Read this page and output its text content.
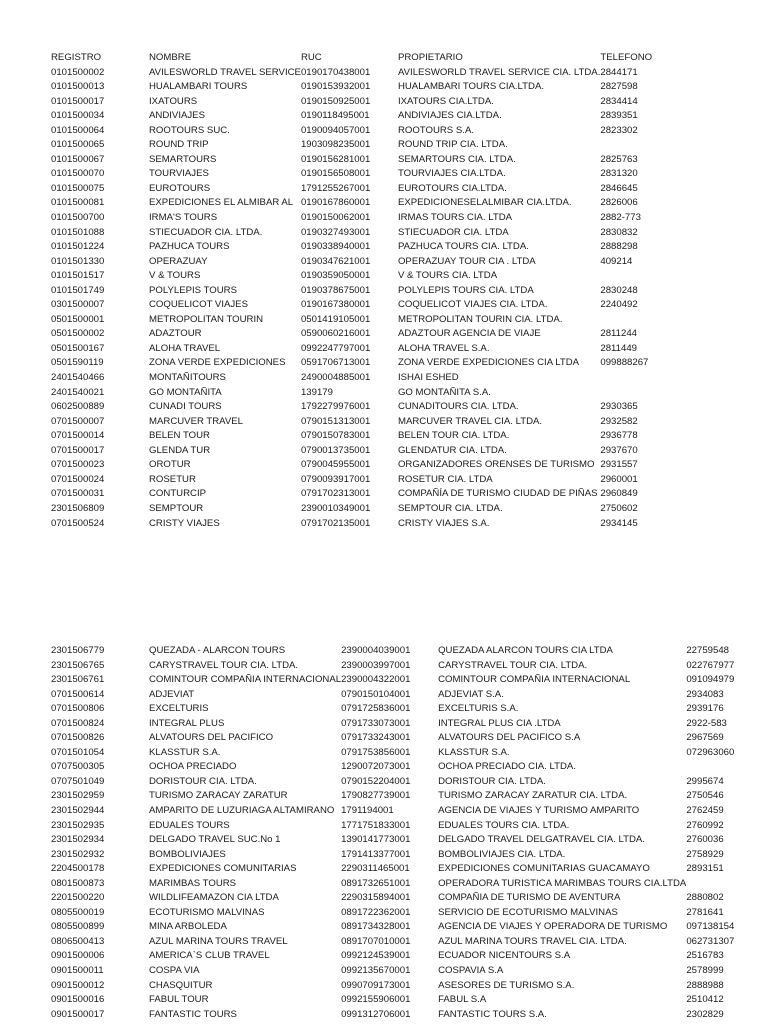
REGISTRO	NOMBRE	RUC	PROPIETARIO	TELEFONO
0101500002	AVILESWORLD TRAVEL SERVICE	0190170438001	AVILESWORLD TRAVEL SERVICE CIA. LTDA.	2844171
0101500013	HUALAMBARI TOURS	0190153932001	HUALAMBARI TOURS CIA.LTDA.	2827598
0101500017	IXATOURS	0190150925001	IXATOURS CIA.LTDA.	2834414
0101500034	ANDIVIAJES	0190118495001	ANDIVIAJES CIA.LTDA.	2839351
0101500064	ROOTOURS SUC.	0190094057001	ROOTOURS S.A.	2823302
0101500065	ROUND TRIP	1903098235001	ROUND TRIP CIA. LTDA.	
0101500067	SEMARTOURS	0190156281001	SEMARTOURS CIA. LTDA.	2825763
0101500070	TOURVIAJES	0190156508001	TOURVIAJES CIA.LTDA.	2831320
0101500075	EUROTOURS	1791255267001	EUROTOURS CIA.LTDA.	2846645
0101500081	EXPEDICIONES EL ALMIBAR AL	0190167860001	EXPEDICIONESELALMIBAR CIA.LTDA.	2826006
0101500700	IRMA'S TOURS	0190150062001	IRMAS TOURS CIA. LTDA	2882-773
0101501088	STIECUADOR CIA. LTDA.	0190327493001	STIECUADOR CIA. LTDA	2830832
0101501224	PAZHUCA TOURS	0190338940001	PAZHUCA TOURS CIA. LTDA.	2888298
0101501330	OPERAZUAY	0190347621001	OPERAZUAY TOUR CIA . LTDA	409214
0101501517	V & TOURS	0190359050001	V & TOURS CIA. LTDA	
0101501749	POLYLEPIS TOURS	0190378675001	POLYLEPIS TOURS CIA. LTDA	2830248
0301500007	COQUELICOT VIAJES	0190167380001	COQUELICOT VIAJES CIA. LTDA.	2240492
0501500001	METROPOLITAN TOURIN	0501419105001	METROPOLITAN TOURIN CIA. LTDA.	
0501500002	ADAZTOUR	0590060216001	ADAZTOUR AGENCIA DE VIAJE	2811244
0501500167	ALOHA TRAVEL	0992247797001	ALOHA TRAVEL S.A.	2811449
0501590119	ZONA VERDE EXPEDICIONES	0591706713001	ZONA VERDE EXPEDICIONES CIA LTDA	099888267
2401540466	MONTAÑITOURS	2490004885001	ISHAI ESHED	
2401540021	GO MONTAÑITA	139179	GO MONTAÑITA S.A.	
0602500889	CUNADI TOURS	1792279976001	CUNADITOURS CIA. LTDA.	2930365
0701500007	MARCUVER TRAVEL	0790151313001	MARCUVER TRAVEL CIA. LTDA.	2932582
0701500014	BELEN TOUR	0790150783001	BELEN TOUR CIA. LTDA.	2936778
0701500017	GLENDA TUR	0790013735001	GLENDATUR CIA. LTDA.	2937670
0701500023	OROTUR	0790045955001	ORGANIZADORES ORENSES DE TURISMO	2931557
0701500024	ROSETUR	0790093917001	ROSETUR CIA. LTDA	2960001
0701500031	CONTURCIP	0791702313001	COMPAÑÍA DE TURISMO CIUDAD DE PIÑAS	2960849
2301506809	SEMPTOUR	2390010349001	SEMPTOUR CIA. LTDA.	2750602
0701500524	CRISTY VIAJES	0791702135001	CRISTY VIAJES S.A.	2934145
2301506779	QUEZADA - ALARCON TOURS	2390004039001	QUEZADA ALARCON TOURS CIA LTDA	22759548
2301506765	CARYSTRAVEL TOUR CIA. LTDA.	2390003997001	CARYSTRAVEL TOUR CIA. LTDA.	022767977
2301506761	COMINTOUR COMPAÑIA INTERNACIONAL	2390004322001	COMINTOUR COMPAÑIA INTERNACIONAL	091094979
0701500614	ADJEVIAT	0790150104001	ADJEVIAT S.A.	2934083
0701500806	EXCELTURIS	0791725836001	EXCELTURIS S.A.	2939176
0701500824	INTEGRAL PLUS	0791733073001	INTEGRAL PLUS CIA .LTDA	2922-583
0701500826	ALVATOURS DEL PACIFICO	0791733243001	ALVATOURS DEL PACIFICO S.A	2967569
0701501054	KLASSTUR S.A.	0791753856001	KLASSTUR S.A.	072963060
0707500305	OCHOA PRECIADO	1290072073001	OCHOA PRECIADO CIA. LTDA.	
0707501049	DORISTOUR CIA. LTDA.	0790152204001	DORISTOUR CIA. LTDA.	2995674
2301502959	TURISMO ZARACAY ZARATUR	1790827739001	TURISMO ZARACAY ZARATUR CIA. LTDA.	2750546
2301502944	AMPARITO DE LUZURIAGA ALTAMIRANO	1791194001	AGENCIA DE VIAJES Y TURISMO AMPARITO	2762459
2301502935	EDUALES TOURS	1771751833001	EDUALES TOURS CIA. LTDA.	2760992
2301502934	DELGADO TRAVEL SUC.No 1	1390141773001	DELGADO TRAVEL DELGATRAVEL CIA. LTDA.	2760036
2301502932	BOMBOLIVIAJES	1791413377001	BOMBOLIVIAJES CIA. LTDA.	2758929
2204500178	EXPEDICIONES COMUNITARIAS	2290311465001	EXPEDICIONES COMUNITARIAS GUACAMAYO	2893151
0801500873	MARIMBAS TOURS	0891732651001	OPERADORA TURISTICA MARIMBAS TOURS CIA.LTDA	
2201500220	WILDLIFEAMAZON CIA LTDA	2290315894001	COMPAÑIA DE TURISMO DE AVENTURA	2880802
0805500019	ECOTURISMO MALVINAS	0891722362001	SERVICIO DE ECOTURISMO MALVINAS	2781641
0805500899	MINA ARBOLEDA	0891734328001	AGENCIA DE VIAJES Y OPERADORA DE TURISMO	097138154
0806500413	AZUL MARINA TOURS TRAVEL	0891707010001	AZUL MARINA TOURS TRAVEL CIA. LTDA.	062731307
0901500006	AMERICA`S CLUB TRAVEL	0992124539001	ECUADOR NICENTOURS S.A	2516783
0901500011	COSPA VIA	0992135670001	COSPAVIA S.A	2578999
0901500012	CHASQUITUR	0990709173001	ASESORES DE TURISMO S.A.	2888988
0901500016	FABUL TOUR	0992155906001	FABUL S.A	2510412
0901500017	FANTASTIC TOURS	0991312706001	FANTASTIC TOURS S.A.	2302829
